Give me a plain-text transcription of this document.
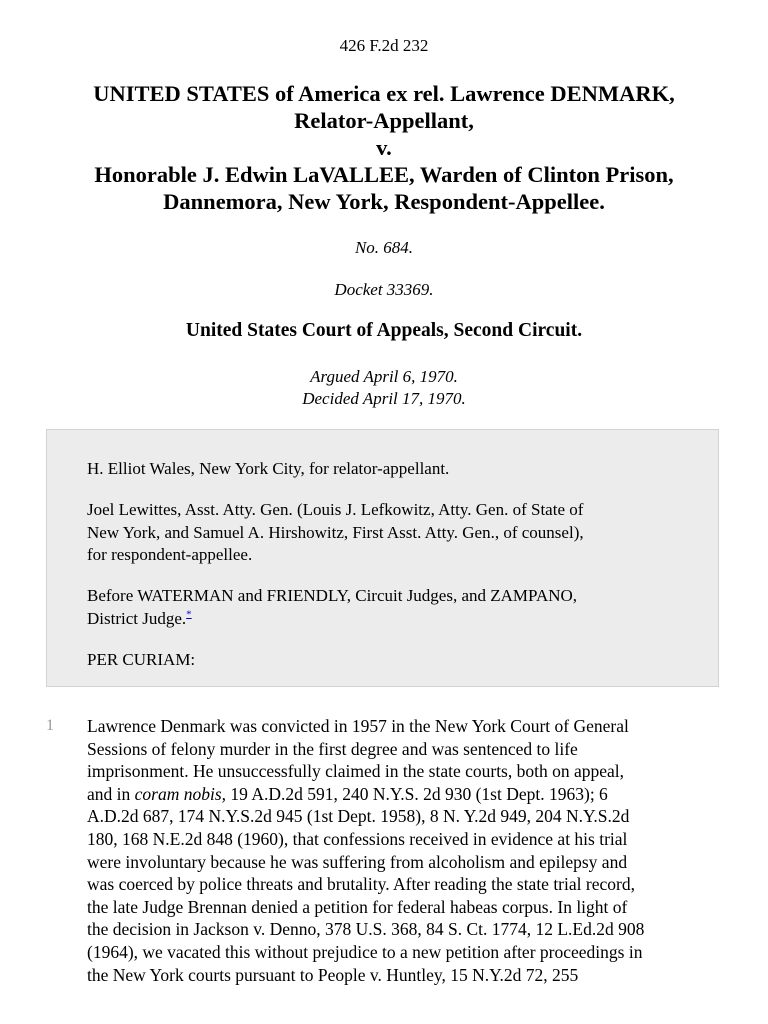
426 F.2d 232
UNITED STATES of America ex rel. Lawrence DENMARK,
Relator-Appellant,
v.
Honorable J. Edwin LaVALLEE, Warden of Clinton Prison,
Dannemora, New York, Respondent-Appellee.
No. 684.
Docket 33369.
United States Court of Appeals, Second Circuit.
Argued April 6, 1970.
Decided April 17, 1970.

H. Elliot Wales, New York City, for relator-appellant.

Joel Lewittes, Asst. Atty. Gen. (Louis J. Lefkowitz, Atty. Gen. of State of
New York, and Samuel A. Hirshowitz, First Asst. Atty. Gen., of counsel),
for respondent-appellee.

Before WATERMAN and FRIENDLY, Circuit Judges, and ZAMPANO,
District Judge.*

PER CURIAM:

1 Lawrence Denmark was convicted in 1957 in the New York Court of General
Sessions of felony murder in the first degree and was sentenced to life
imprisonment. He unsuccessfully claimed in the state courts, both on appeal,
and in coram nobis, 19 A.D.2d 591, 240 N.Y.S. 2d 930 (1st Dept. 1963); 6
A.D.2d 687, 174 N.Y.S.2d 945 (1st Dept. 1958), 8 N. Y.2d 949, 204 N.Y.S.2d
180, 168 N.E.2d 848 (1960), that confessions received in evidence at his trial
were involuntary because he was suffering from alcoholism and epilepsy and
was coerced by police threats and brutality. After reading the state trial record,
the late Judge Brennan denied a petition for federal habeas corpus. In light of
the decision in Jackson v. Denno, 378 U.S. 368, 84 S. Ct. 1774, 12 L.Ed.2d 908
(1964), we vacated this without prejudice to a new petition after proceedings in
the New York courts pursuant to People v. Huntley, 15 N.Y.2d 72, 255
